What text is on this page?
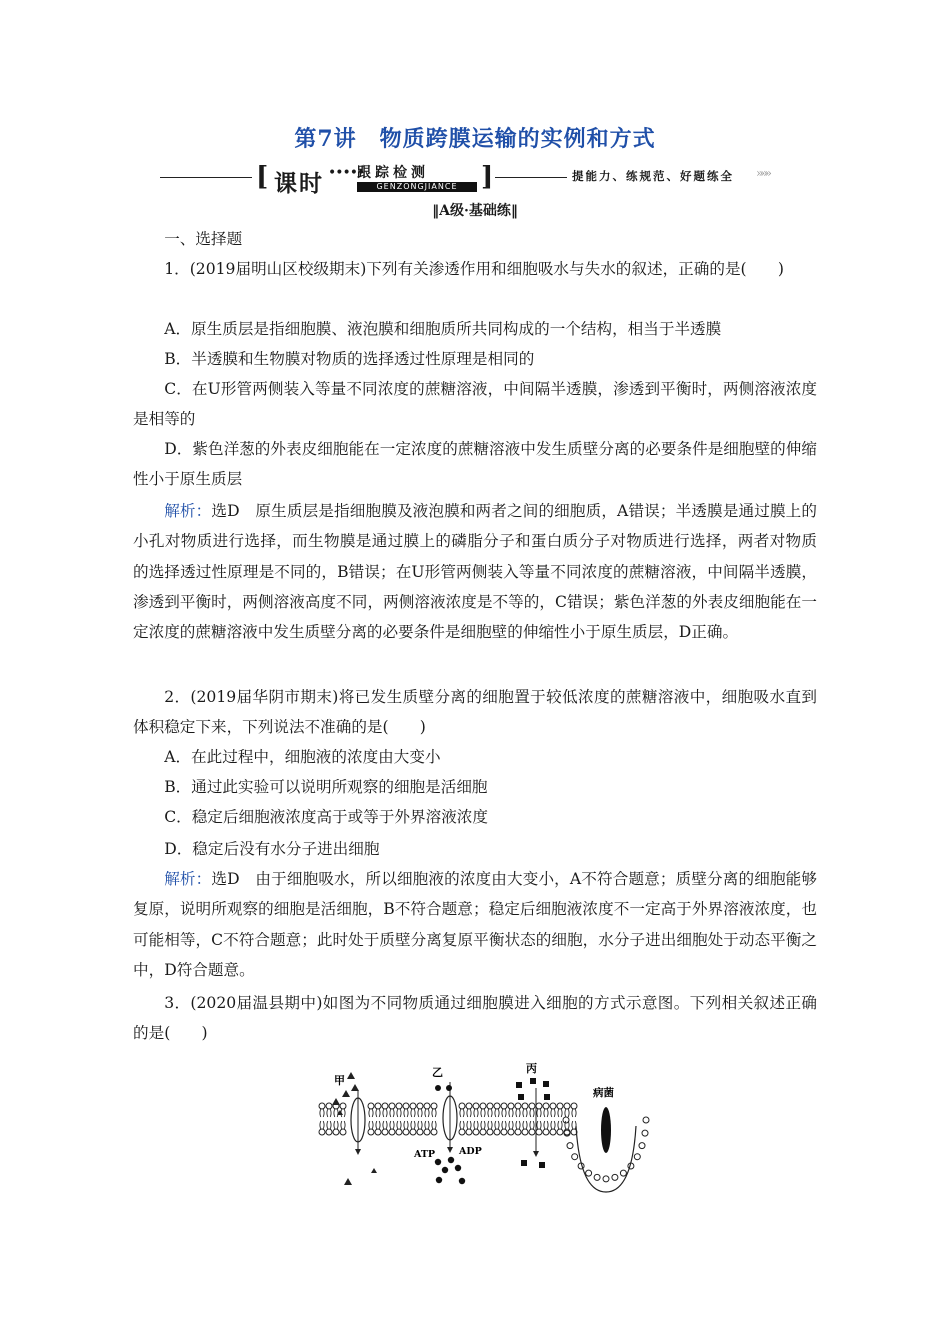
第7讲　物质跨膜运输的实例和方式
[ 课时 •••••
跟踪检测
GENZONGJIANCE ]	提能力、练规范、好题练全 »»»
‖A级·基础练‖
一、选择题
1．(2019届明山区校级期末)下列有关渗透作用和细胞吸水与失水的叙述，正确的是(　　)
A．原生质层是指细胞膜、液泡膜和细胞质所共同构成的一个结构，相当于半透膜
B．半透膜和生物膜对物质的选择透过性原理是相同的
C．在U形管两侧装入等量不同浓度的蔗糖溶液，中间隔半透膜，渗透到平衡时，两侧溶液浓度是相等的
D．紫色洋葱的外表皮细胞能在一定浓度的蔗糖溶液中发生质壁分离的必要条件是细胞壁的伸缩性小于原生质层
解析：选D　原生质层是指细胞膜及液泡膜和两者之间的细胞质，A错误；半透膜是通过膜上的小孔对物质进行选择，而生物膜是通过膜上的磷脂分子和蛋白质分子对物质进行选择，两者对物质的选择透过性原理是不同的，B错误；在U形管两侧装入等量不同浓度的蔗糖溶液，中间隔半透膜，渗透到平衡时，两侧溶液高度不同，两侧溶液浓度是不等的，C错误；紫色洋葱的外表皮细胞能在一定浓度的蔗糖溶液中发生质壁分离的必要条件是细胞壁的伸缩性小于原生质层，D正确。
2．(2019届华阴市期末)将已发生质壁分离的细胞置于较低浓度的蔗糖溶液中，细胞吸水直到体积稳定下来，下列说法不准确的是(　　)
A．在此过程中，细胞液的浓度由大变小
B．通过此实验可以说明所观察的细胞是活细胞
C．稳定后细胞液浓度高于或等于外界溶液浓度
D．稳定后没有水分子进出细胞
解析：选D　由于细胞吸水，所以细胞液的浓度由大变小，A不符合题意；质壁分离的细胞能够复原，说明所观察的细胞是活细胞，B不符合题意；稳定后细胞液浓度不一定高于外界溶液浓度，也可能相等，C不符合题意；此时处于质壁分离复原平衡状态的细胞，水分子进出细胞处于动态平衡之中，D符合题意。
3．(2020届温县期中)如图为不同物质通过细胞膜进入细胞的方式示意图。下列相关叙述正确的是(　　)
甲
乙
ATP	ADP
丙
病菌
